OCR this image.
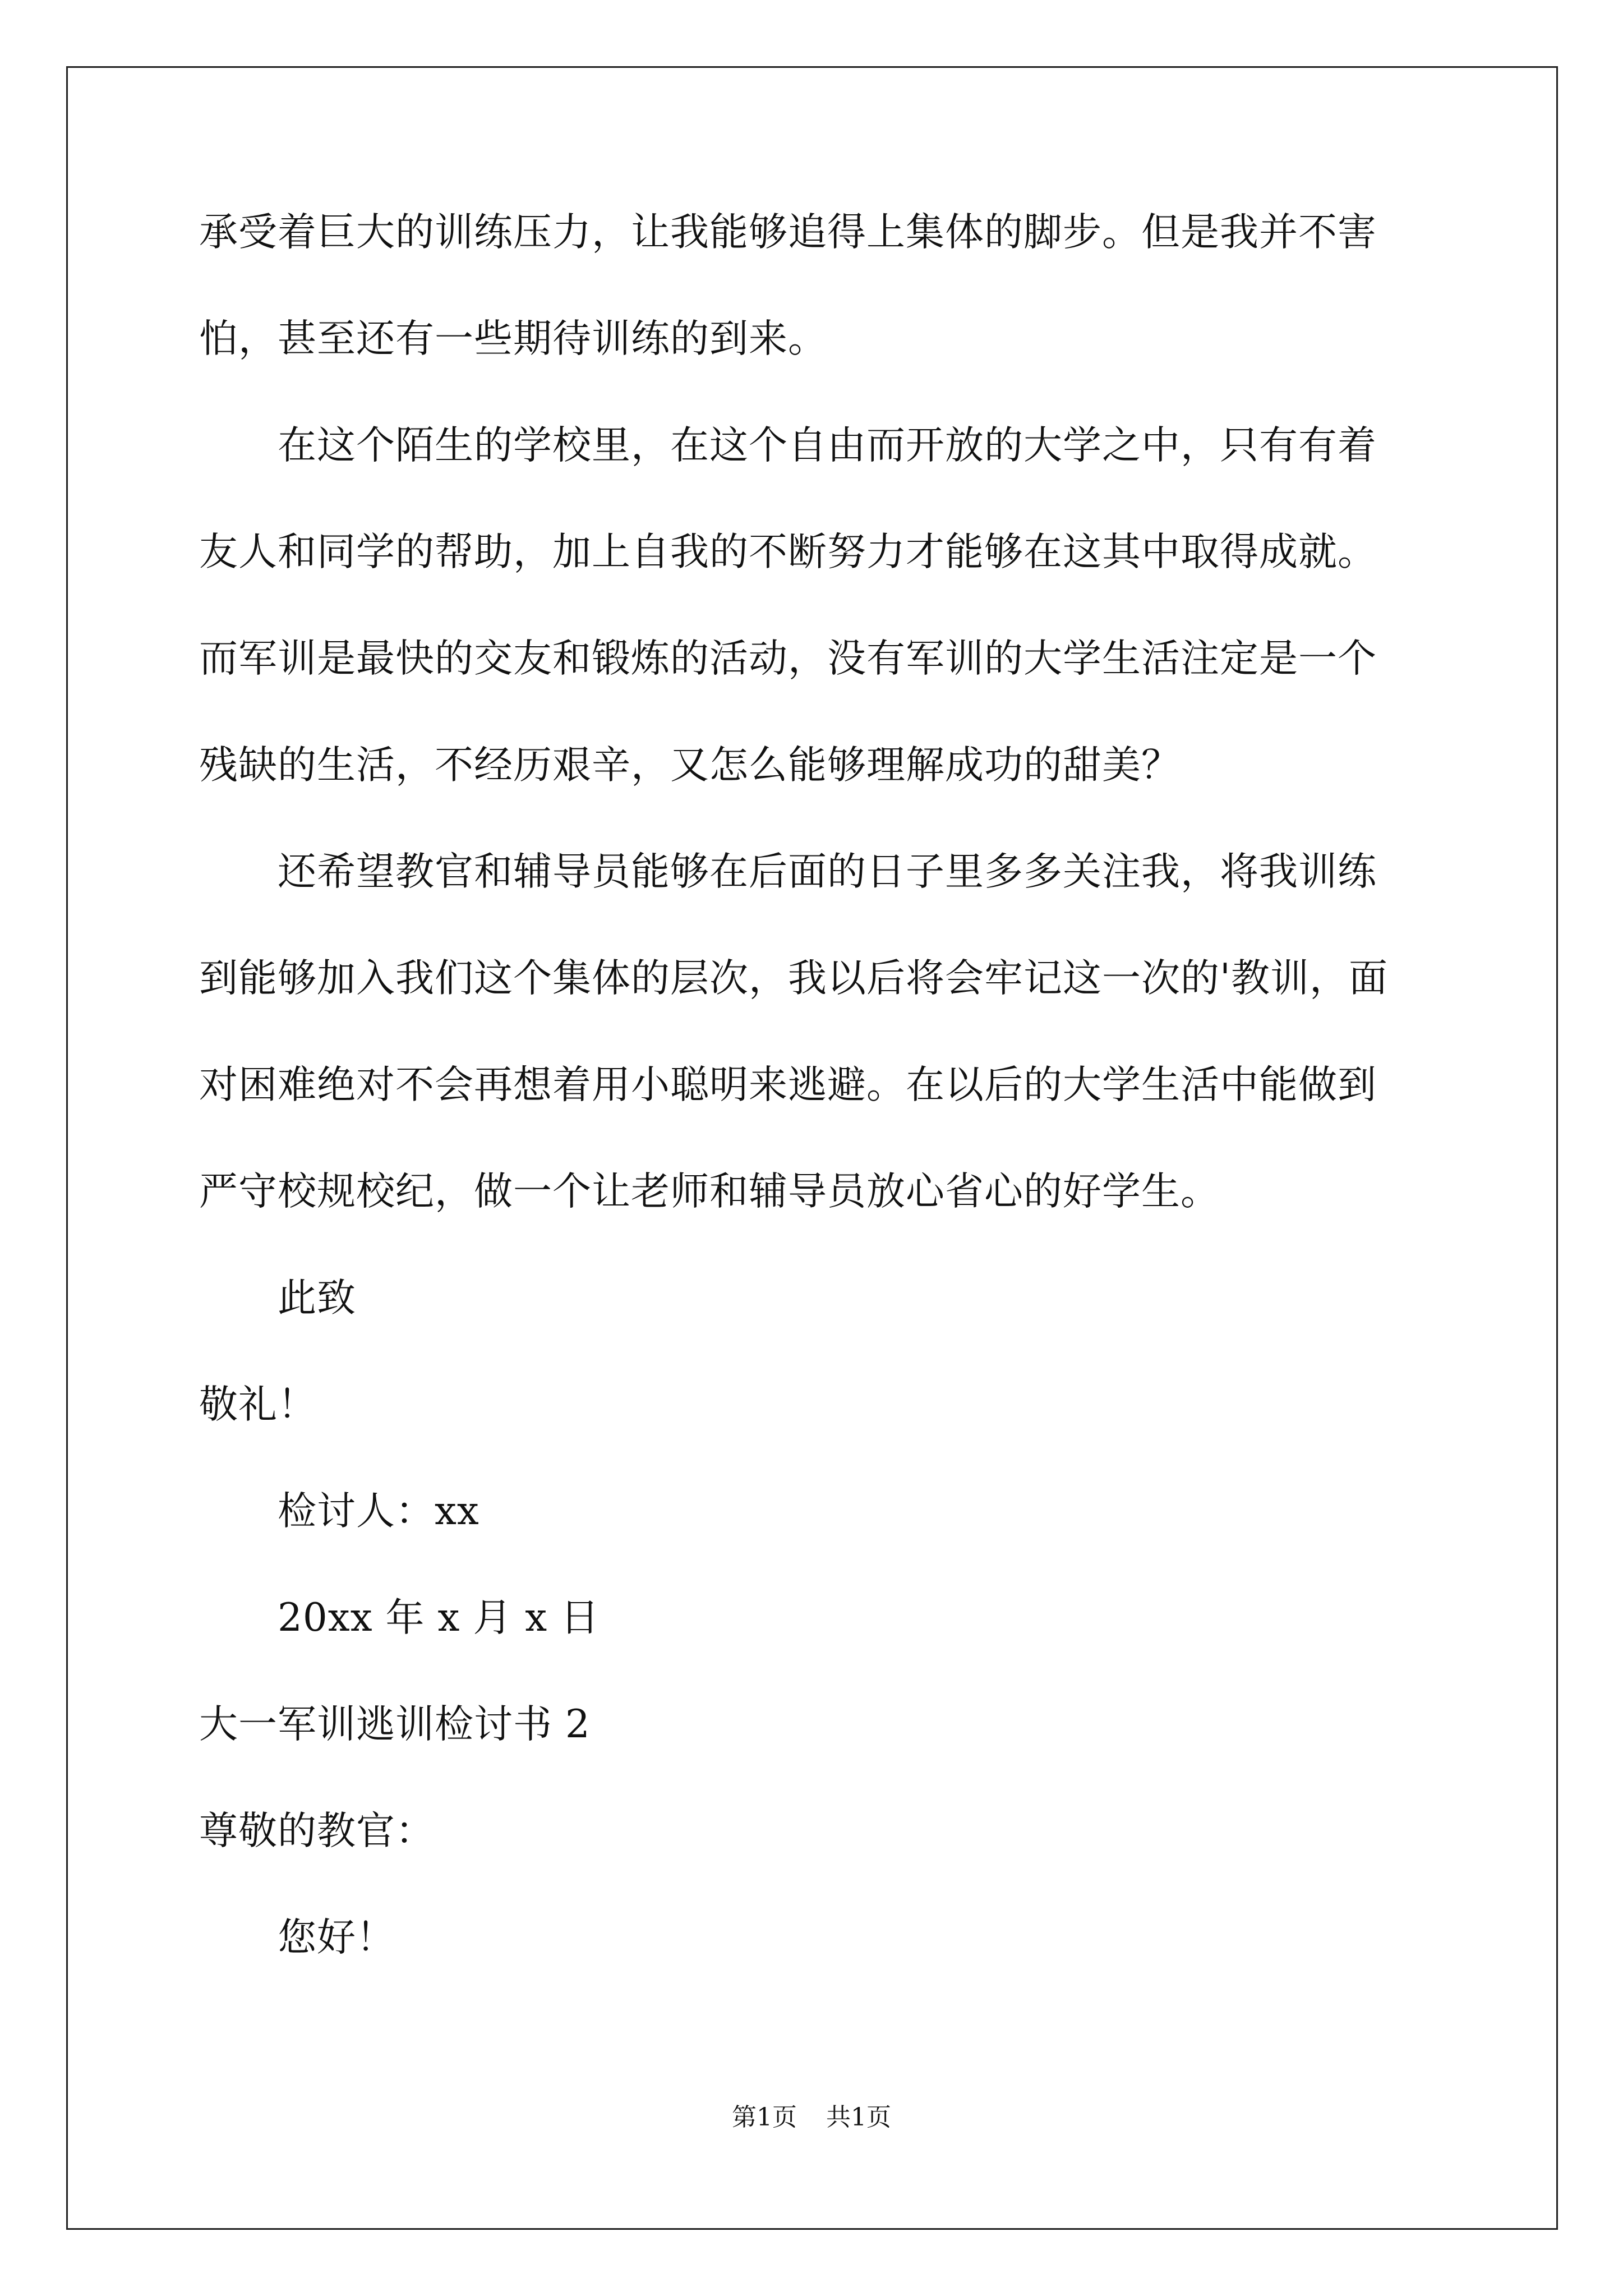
承受着巨大的训练压力，让我能够追得上集体的脚步。但是我并不害
怕，甚至还有一些期待训练的到来。
在这个陌生的学校里，在这个自由而开放的大学之中，只有有着
友人和同学的帮助，加上自我的不断努力才能够在这其中取得成就。
而军训是最快的交友和锻炼的活动，没有军训的大学生活注定是一个
残缺的生活，不经历艰辛，又怎么能够理解成功的甜美？
还希望教官和辅导员能够在后面的日子里多多关注我，将我训练
到能够加入我们这个集体的层次，我以后将会牢记这一次的'教训，面
对困难绝对不会再想着用小聪明来逃避。在以后的大学生活中能做到
严守校规校纪，做一个让老师和辅导员放心省心的好学生。
此致
敬礼！
检讨人：xx
20xx 年 x 月 x 日
大一军训逃训检讨书 2
尊敬的教官：
您好！
第1页 共1页
